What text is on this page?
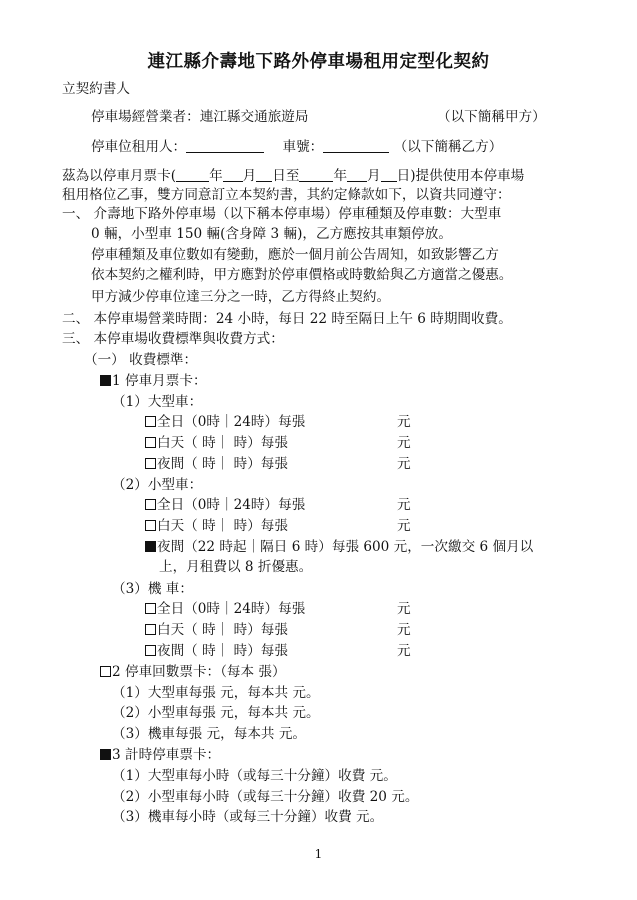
連江縣介壽地下路外停車場租用定型化契約
立契約書人
停車場經營業者：連江縣交通旅遊局	（以下簡稱甲方）
停車位租用人：	車號：	（以下簡稱乙方）
茲為以停車月票卡( 年 月 日至	年 月 日)提供使用本停車場
租用格位乙事，雙方同意訂立本契約書，其約定條款如下，以資共同遵守：
一、 介壽地下路外停車場（以下稱本停車場）停車種類及停車數：大型車
0 輛，小型車 150 輛(含身障 3 輛)，乙方應按其車類停放。
停車種類及車位數如有變動，應於一個月前公告周知，如致影響乙方
依本契約之權利時，甲方應對於停車價格或時數給與乙方適當之優惠。
甲方減少停車位達三分之一時，乙方得終止契約。
二、 本停車場營業時間：24 小時，每日 22 時至隔日上午 6 時期間收費。
三、 本停車場收費標準與收費方式：
（一） 收費標準：
1 停車月票卡：
（1）大型車：
全日（0時｜24時）每張	元
白天（ 時｜ 時）每張	元
夜間（ 時｜ 時）每張	元
（2）小型車：
全日（0時｜24時）每張	元
白天（ 時｜ 時）每張	元
夜間（22 時起｜隔日 6 時）每張 600 元，一次繳交 6 個月以
上，月租費以 8 折優惠。
（3）機 車：
全日（0時｜24時）每張	元
白天（ 時｜ 時）每張	元
夜間（ 時｜ 時）每張	元
2 停車回數票卡：（每本 張）
（1）大型車每張 元，每本共 元。
（2）小型車每張 元，每本共 元。
（3）機車每張 元，每本共 元。
3 計時停車票卡：
（1）大型車每小時（或每三十分鐘）收費 元。
（2）小型車每小時（或每三十分鐘）收費 20 元。
（3）機車每小時（或每三十分鐘）收費 元。
1
